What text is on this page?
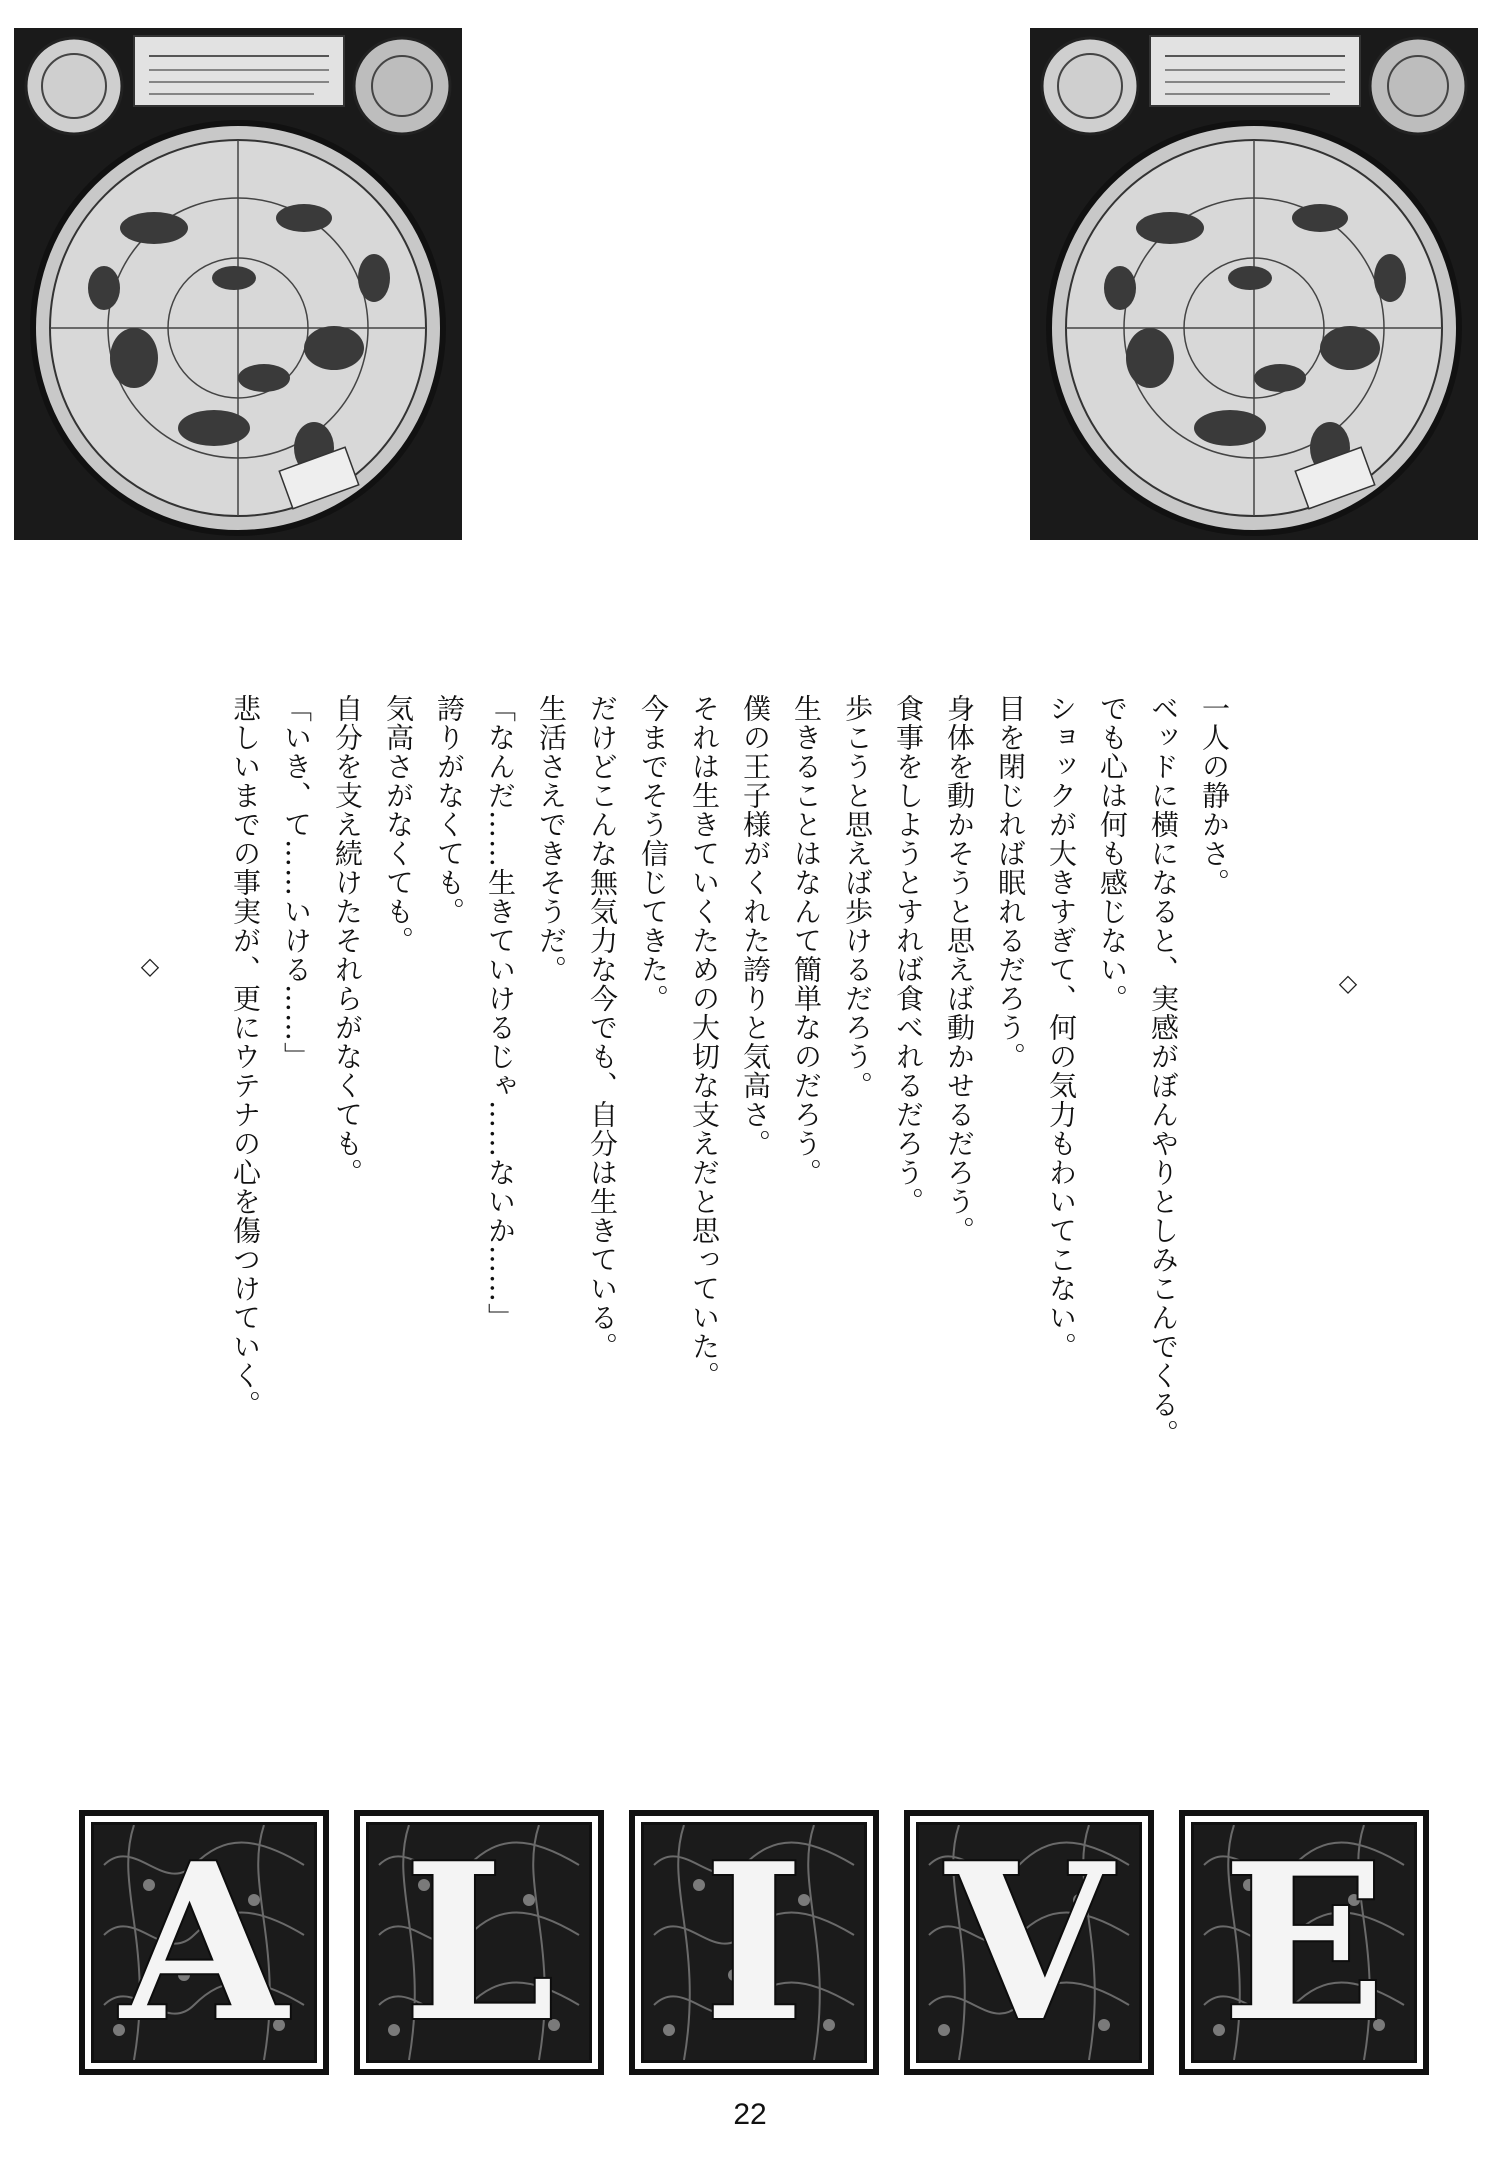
◇
◇
一人の静かさ。
ベッドに横になると、実感がぼんやりとしみこんでくる。
でも心は何も感じない。
ショックが大きすぎて、何の気力もわいてこない。
目を閉じれば眠れるだろう。
身体を動かそうと思えば動かせるだろう。
食事をしようとすれば食べれるだろう。
歩こうと思えば歩けるだろう。
生きることはなんて簡単なのだろう。
僕の王子様がくれた誇りと気高さ。
それは生きていくための大切な支えだと思っていた。
今までそう信じてきた。
だけどこんな無気力な今でも、自分は生きている。
生活さえできそうだ。
「なんだ……生きていけるじゃ……ないか……」
誇りがなくても。
気高さがなくても。
自分を支え続けたそれらがなくても。
「いき、て……いける……」
悲しいまでの事実が、更にウテナの心を傷つけていく。
A L I V E
22
